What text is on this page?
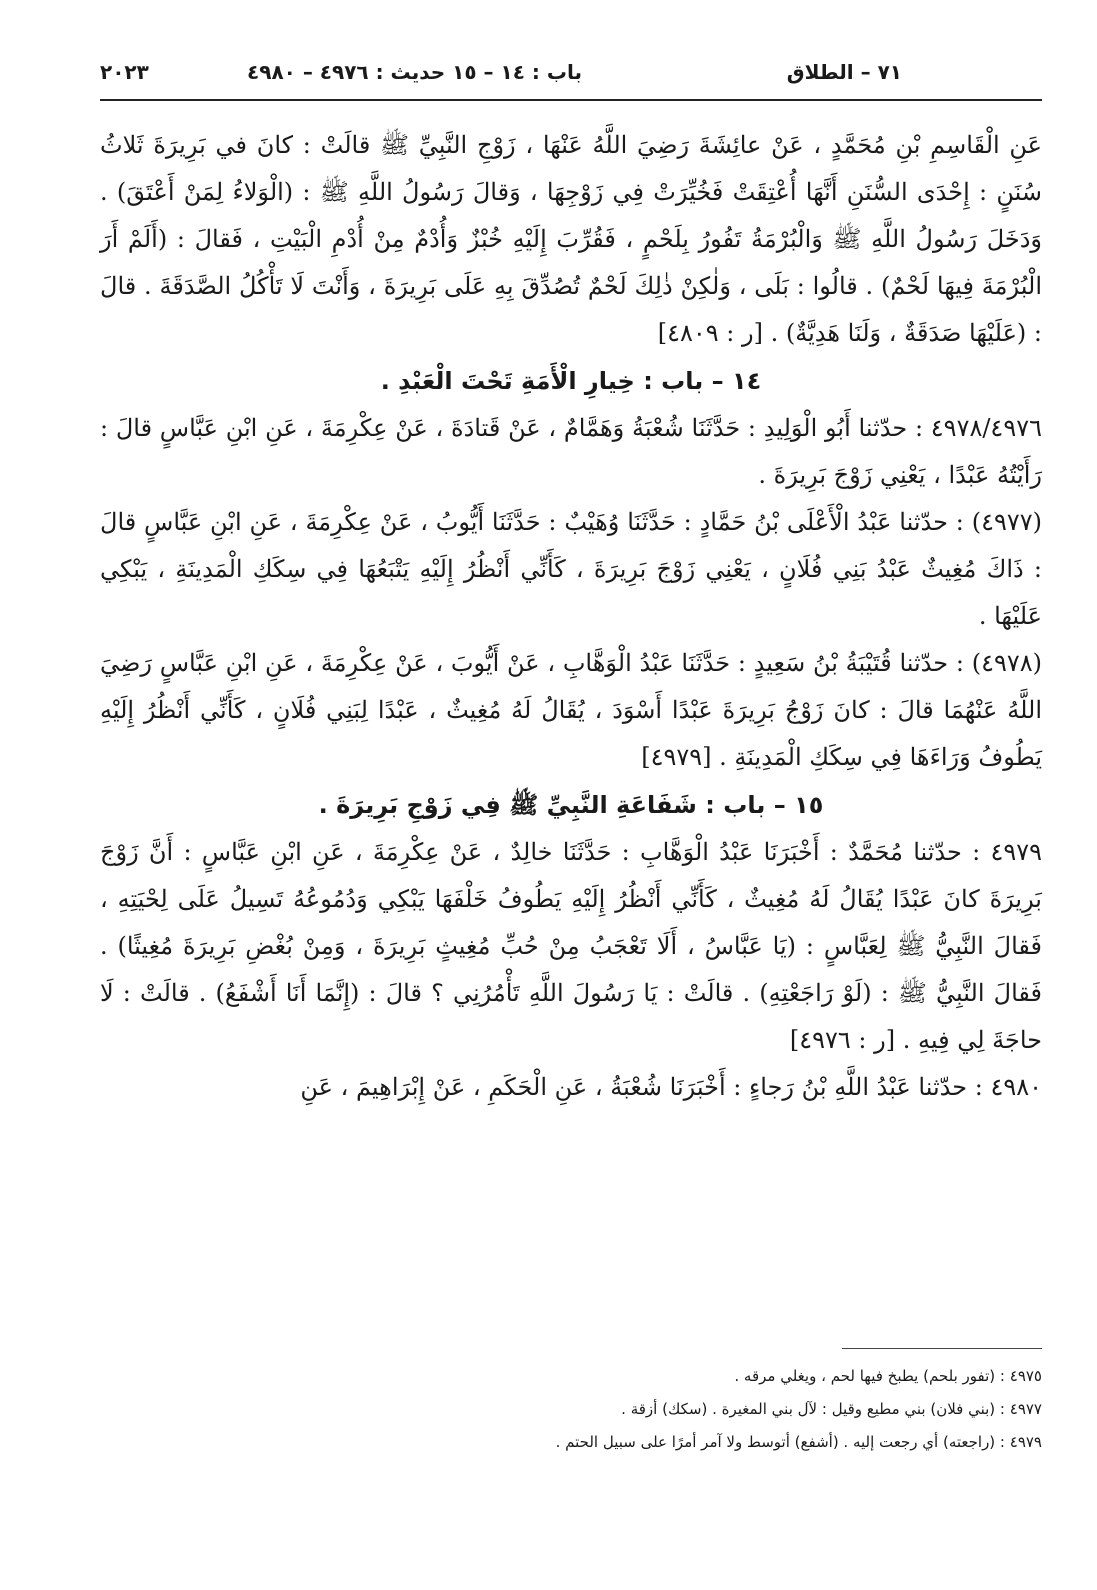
٧١ – الطلاق
باب : ١٤ – ١٥ حديث : ٤٩٧٦ – ٤٩٨٠
٢٠٢٣

عَنِ الْقَاسِمِ بْنِ مُحَمَّدٍ ، عَنْ عائِشَةَ رَضِيَ اللَّهُ عَنْهَا ، زَوْجِ النَّبِيِّ ﷺ قالَتْ : كانَ في بَرِيرَةَ ثَلاثُ سُنَنٍ : إِحْدَى السُّنَنِ أَنَّهَا أُعْتِقَتْ فَخُيِّرَتْ فِي زَوْجِهَا ، وَقالَ رَسُولُ اللَّهِ ﷺ : (الْوَلاءُ لِمَنْ أَعْتَقَ) . وَدَخَلَ رَسُولُ اللَّهِ ﷺ وَالْبُرْمَةُ تَفُورُ بِلَحْمٍ ، فَقُرِّبَ إِلَيْهِ خُبْزٌ وَأُدْمٌ مِنْ أُدْمِ الْبَيْتِ ، فَقالَ : (أَلَمْ أَرَ الْبُرْمَةَ فِيهَا لَحْمٌ) . قالُوا : بَلَى ، وَلٰكِنْ ذٰلِكَ لَحْمٌ تُصُدِّقَ بِهِ عَلَى بَرِيرَةَ ، وَأَنْتَ لَا تَأْكُلُ الصَّدَقَةَ . قالَ : (عَلَيْهَا صَدَقَةٌ ، وَلَنَا هَدِيَّةٌ) . [ر : ٤٨٠٩]

١٤ – باب : خِيارِ الْأَمَةِ تَحْتَ الْعَبْدِ .

٤٩٧٨/٤٩٧٦ : حدّثنا أَبُو الْوَلِيدِ : حَدَّثَنَا شُعْبَةُ وَهَمَّامٌ ، عَنْ قَتادَةَ ، عَنْ عِكْرِمَةَ ، عَنِ ابْنِ عَبَّاسٍ قالَ : رَأَيْتُهُ عَبْدًا ، يَعْنِي زَوْجَ بَرِيرَةَ .

(٤٩٧٧) : حدّثنا عَبْدُ الْأَعْلَى بْنُ حَمَّادٍ : حَدَّثَنَا وُهَيْبٌ : حَدَّثَنَا أَيُّوبُ ، عَنْ عِكْرِمَةَ ، عَنِ ابْنِ عَبَّاسٍ قالَ : ذَاكَ مُغِيثٌ عَبْدُ بَنِي فُلَانٍ ، يَعْنِي زَوْجَ بَرِيرَةَ ، كَأَنِّي أَنْظُرُ إِلَيْهِ يَتْبَعُهَا فِي سِكَكِ الْمَدِينَةِ ، يَبْكِي عَلَيْهَا .

(٤٩٧٨) : حدّثنا قُتَيْبَةُ بْنُ سَعِيدٍ : حَدَّثَنَا عَبْدُ الْوَهَّابِ ، عَنْ أَيُّوبَ ، عَنْ عِكْرِمَةَ ، عَنِ ابْنِ عَبَّاسٍ رَضِيَ اللَّهُ عَنْهُمَا قالَ : كانَ زَوْجُ بَرِيرَةَ عَبْدًا أَسْوَدَ ، يُقَالُ لَهُ مُغِيثٌ ، عَبْدًا لِبَنِي فُلَانٍ ، كَأَنِّي أَنْظُرُ إِلَيْهِ يَطُوفُ وَرَاءَهَا فِي سِكَكِ الْمَدِينَةِ . [٤٩٧٩]

١٥ – باب : شَفَاعَةِ النَّبِيِّ ﷺ فِي زَوْجِ بَرِيرَةَ .

٤٩٧٩ : حدّثنا مُحَمَّدٌ : أَخْبَرَنَا عَبْدُ الْوَهَّابِ : حَدَّثَنَا خالِدٌ ، عَنْ عِكْرِمَةَ ، عَنِ ابْنِ عَبَّاسٍ : أَنَّ زَوْجَ بَرِيرَةَ كانَ عَبْدًا يُقَالُ لَهُ مُغِيثٌ ، كَأَنِّي أَنْظُرُ إِلَيْهِ يَطُوفُ خَلْفَهَا يَبْكِي وَدُمُوعُهُ تَسِيلُ عَلَى لِحْيَتِهِ ، فَقالَ النَّبِيُّ ﷺ لِعَبَّاسٍ : (يَا عَبَّاسُ ، أَلَا تَعْجَبُ مِنْ حُبِّ مُغِيثٍ بَرِيرَةَ ، وَمِنْ بُغْضِ بَرِيرَةَ مُغِيثًا) . فَقالَ النَّبِيُّ ﷺ : (لَوْ رَاجَعْتِهِ) . قالَتْ : يَا رَسُولَ اللَّهِ تَأْمُرُنِي ؟ قالَ : (إِنَّمَا أَنَا أَشْفَعُ) . قالَتْ : لَا حاجَةَ لِي فِيهِ . [ر : ٤٩٧٦]

٤٩٨٠ : حدّثنا عَبْدُ اللَّهِ بْنُ رَجاءٍ : أَخْبَرَنَا شُعْبَةُ ، عَنِ الْحَكَمِ ، عَنْ إِبْرَاهِيمَ ، عَنِ

٤٩٧٥ : (تفور بلحم) يطبخ فيها لحم ، ويغلي مرقه .

٤٩٧٧ : (بني فلان) بني مطيع وقيل : لآل بني المغيرة . (سكك) أزقة .

٤٩٧٩ : (راجعته) أي رجعت إليه . (أشفع) أتوسط ولا آمر أمرًا على سبيل الحتم .
